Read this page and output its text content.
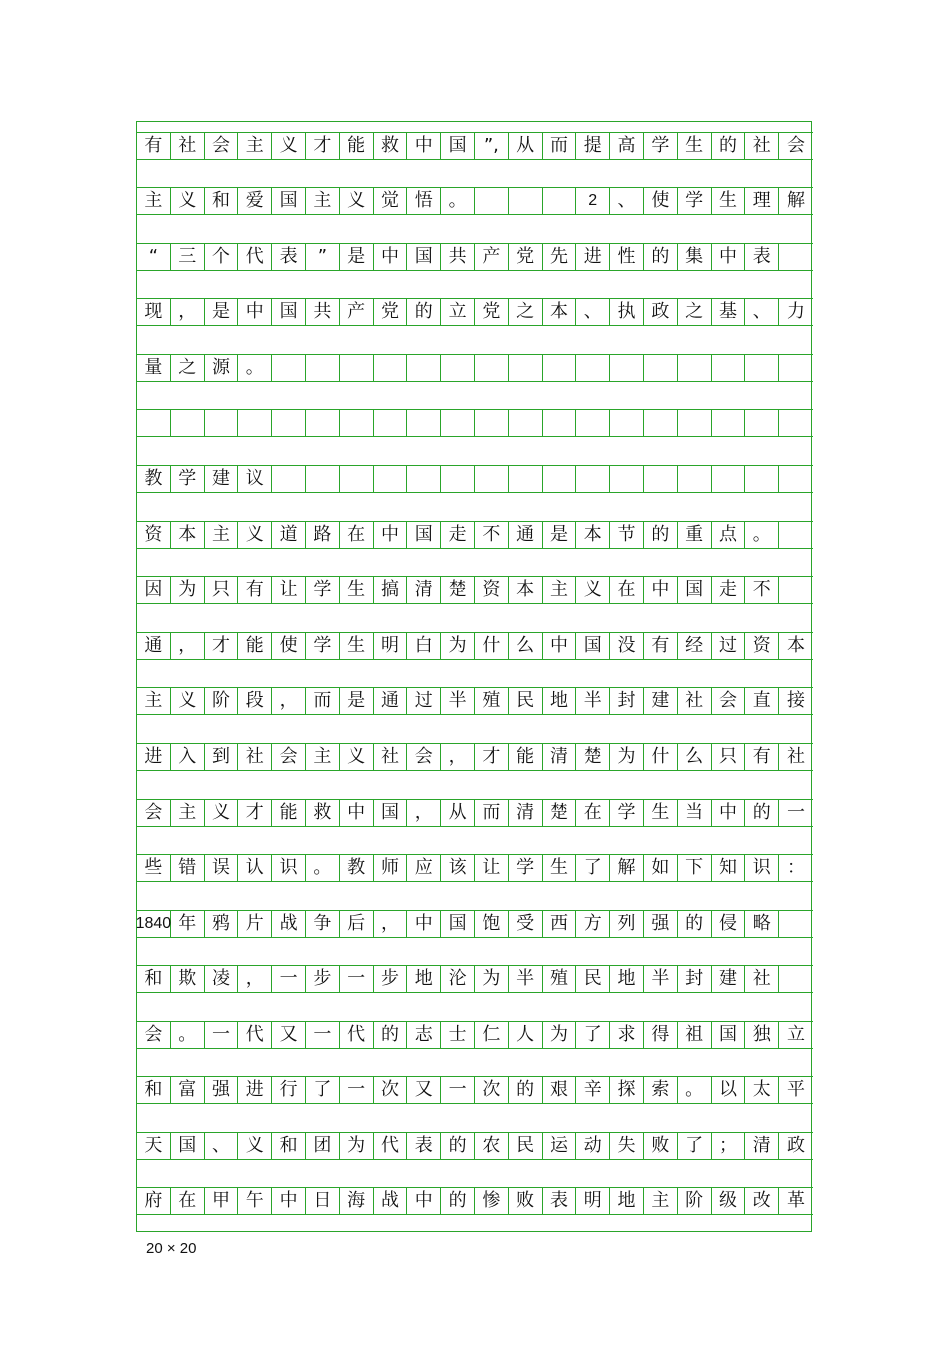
有 社 会 主 义 才 能 救 中 国 ”, 从 而 提 高 学 生 的 社 会
主 义 和 爱 国 主 义 觉 悟 。	2	、 使 学 生 理 解
“	三 个 代 表	”	是 中 国 共 产 党 先 进 性 的 集 中 表
现 ， 是 中 国 共 产 党 的 立 党 之 本 、 执 政 之 基 、 力
量 之 源 。
教 学 建 议
资 本 主 义 道 路 在 中 国 走 不 通 是 本 节 的 重 点 。
因 为 只 有 让 学 生 搞 清 楚 资 本 主 义 在 中 国 走 不
通 ， 才 能 使 学 生 明 白 为 什 么 中 国 没 有 经 过 资 本
主 义 阶 段 ， 而 是 通 过 半 殖 民 地 半 封 建 社 会 直 接
进 入 到 社 会 主 义 社 会 ， 才 能 清 楚 为 什 么 只 有 社
会 主 义 才 能 救 中 国 ， 从 而 清 楚 在 学 生 当 中 的 一
些 错 误 认 识 。 教 师 应 该 让 学 生 了 解 如 下 知 识 ：
1840 年 鸦 片 战 争 后 ， 中 国 饱 受 西 方 列 强 的 侵 略
和 欺 凌 ， 一 步 一 步 地 沦 为 半 殖 民 地 半 封 建 社
会 。 一 代 又 一 代 的 志 士 仁 人 为 了 求 得 祖 国 独 立
和 富 强 进 行 了 一 次 又 一 次 的 艰 辛 探 索 。 以 太 平
天 国 、 义 和 团 为 代 表 的 农 民 运 动 失 败 了 ； 清 政
府 在 甲 午 中 日 海 战 中 的 惨 败 表 明 地 主 阶 级 改 革
20 × 20
